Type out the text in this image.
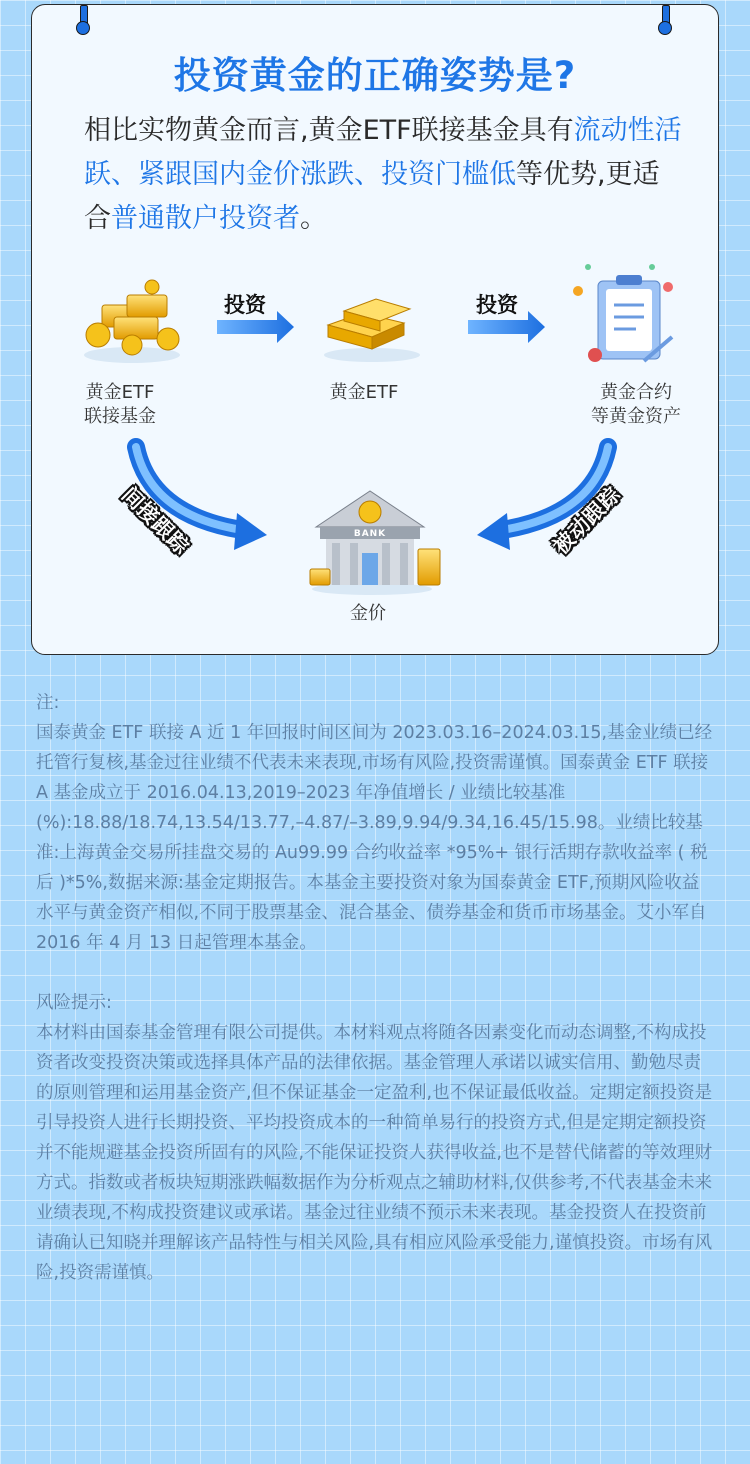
投资黄金的正确姿势是?
相比实物黄金而言,黄金ETF联接基金具有流动性活跃、紧跟国内金价涨跌、投资门槛低等优势,更适合普通散户投资者。
BANK
投资	投资
黄金ETF
联接基金
黄金ETF	黄金合约
等黄金资产
金价
间接跟踪	被动跟踪

注:

国泰黄金 ETF 联接 A 近 1 年回报时间区间为 2023.03.16–2024.03.15,基金业绩已经托管行复核,基金过往业绩不代表未来表现,市场有风险,投资需谨慎。国泰黄金 ETF 联接 A 基金成立于 2016.04.13,2019–2023 年净值增长 / 业绩比较基准(%):18.88/18.74,13.54/13.77,–4.87/–3.89,9.94/9.34,16.45/15.98。业绩比较基准:上海黄金交易所挂盘交易的 Au99.99 合约收益率 *95%+ 银行活期存款收益率 ( 税后 )*5%,数据来源:基金定期报告。本基金主要投资对象为国泰黄金 ETF,预期风险收益水平与黄金资产相似,不同于股票基金、混合基金、债券基金和货币市场基金。艾小军自 2016 年 4 月 13 日起管理本基金。

风险提示:

本材料由国泰基金管理有限公司提供。本材料观点将随各因素变化而动态调整,不构成投资者改变投资决策或选择具体产品的法律依据。基金管理人承诺以诚实信用、勤勉尽责的原则管理和运用基金资产,但不保证基金一定盈利,也不保证最低收益。定期定额投资是引导投资人进行长期投资、平均投资成本的一种简单易行的投资方式,但是定期定额投资并不能规避基金投资所固有的风险,不能保证投资人获得收益,也不是替代储蓄的等效理财方式。指数或者板块短期涨跌幅数据作为分析观点之辅助材料,仅供参考,不代表基金未来业绩表现,不构成投资建议或承诺。基金过往业绩不预示未来表现。基金投资人在投资前请确认已知晓并理解该产品特性与相关风险,具有相应风险承受能力,谨慎投资。市场有风险,投资需谨慎。
